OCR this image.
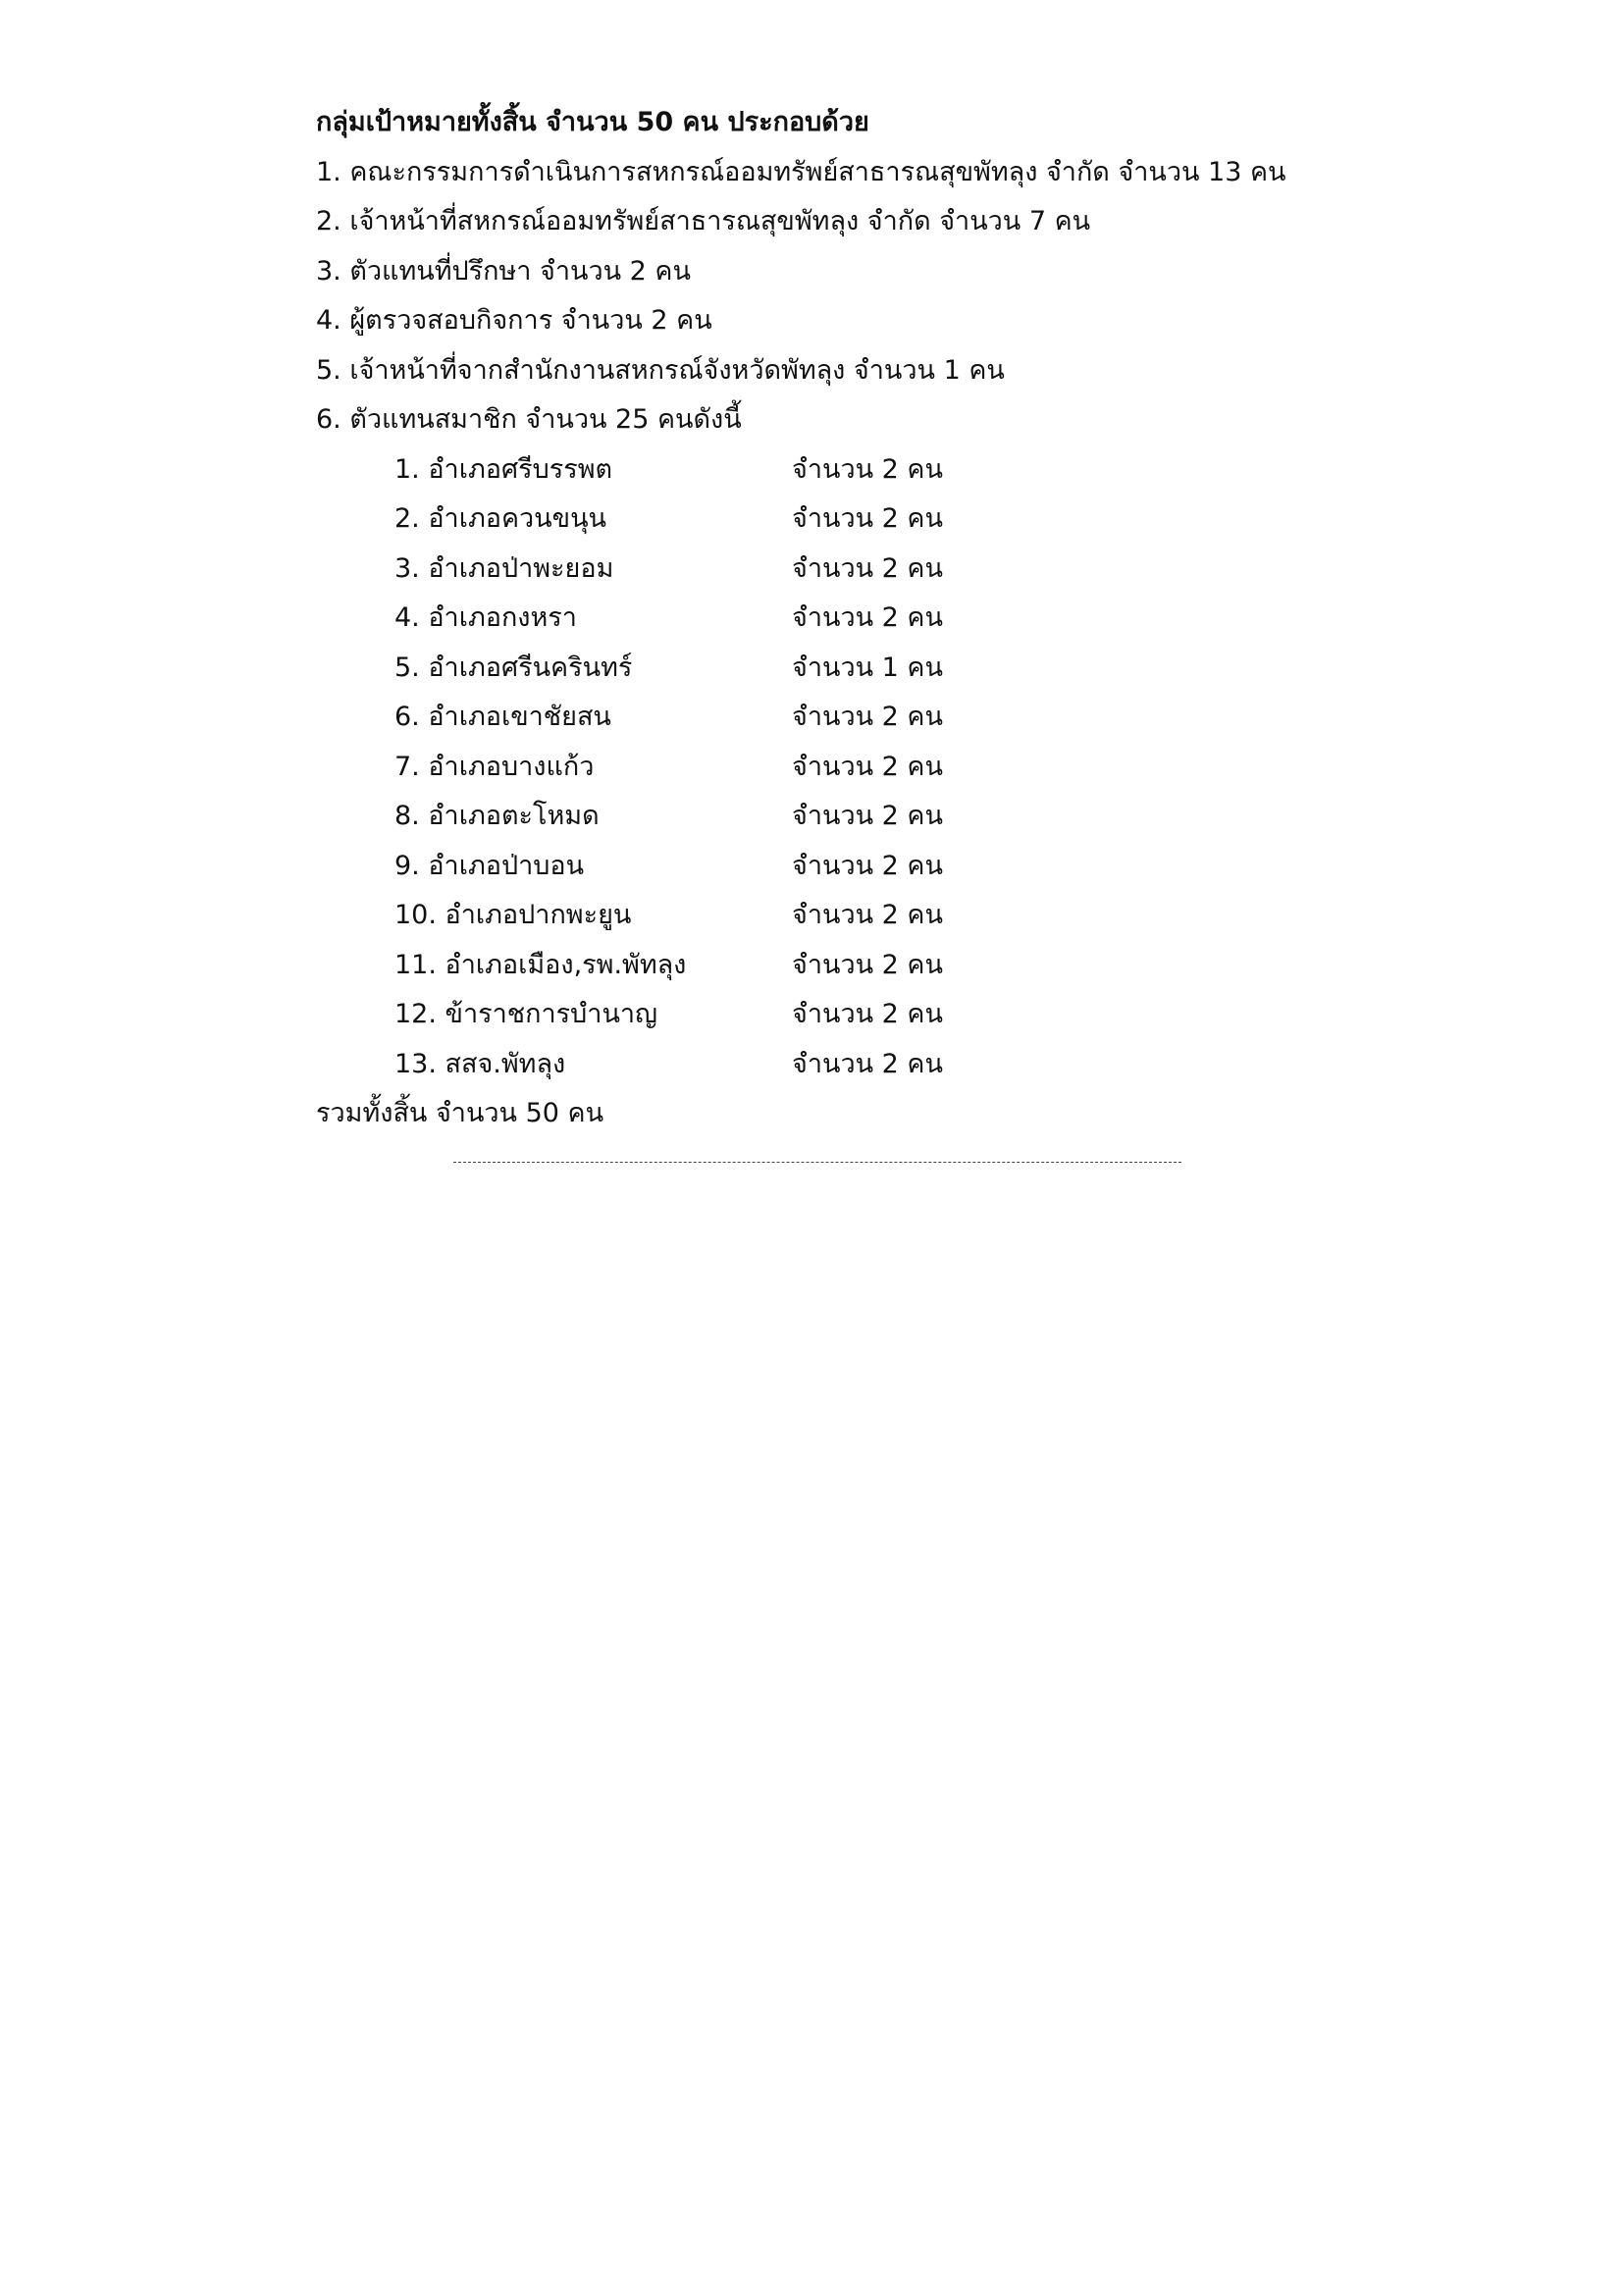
กลุ่มเป้าหมายทั้งสิ้น จำนวน 50 คน ประกอบด้วย
1. คณะกรรมการดำเนินการสหกรณ์ออมทรัพย์สาธารณสุขพัทลุง จำกัด จำนวน 13 คน
2. เจ้าหน้าที่สหกรณ์ออมทรัพย์สาธารณสุขพัทลุง จำกัด จำนวน 7 คน
3. ตัวแทนที่ปรึกษา จำนวน 2 คน
4. ผู้ตรวจสอบกิจการ จำนวน 2 คน
5. เจ้าหน้าที่จากสำนักงานสหกรณ์จังหวัดพัทลุง จำนวน 1 คน
6. ตัวแทนสมาชิก จำนวน 25 คนดังนี้
1. อำเภอศรีบรรพต	จำนวน 2 คน
2. อำเภอควนขนุน	จำนวน 2 คน
3. อำเภอป่าพะยอม	จำนวน 2 คน
4. อำเภอกงหรา	จำนวน 2 คน
5. อำเภอศรีนครินทร์	จำนวน 1 คน
6. อำเภอเขาชัยสน	จำนวน 2 คน
7. อำเภอบางแก้ว	จำนวน 2 คน
8. อำเภอตะโหมด	จำนวน 2 คน
9. อำเภอป่าบอน	จำนวน 2 คน
10. อำเภอปากพะยูน	จำนวน 2 คน
11. อำเภอเมือง,รพ.พัทลุง	จำนวน 2 คน
12. ข้าราชการบำนาญ	จำนวน 2 คน
13. สสจ.พัทลุง	จำนวน 2 คน
รวมทั้งสิ้น จำนวน 50 คน
